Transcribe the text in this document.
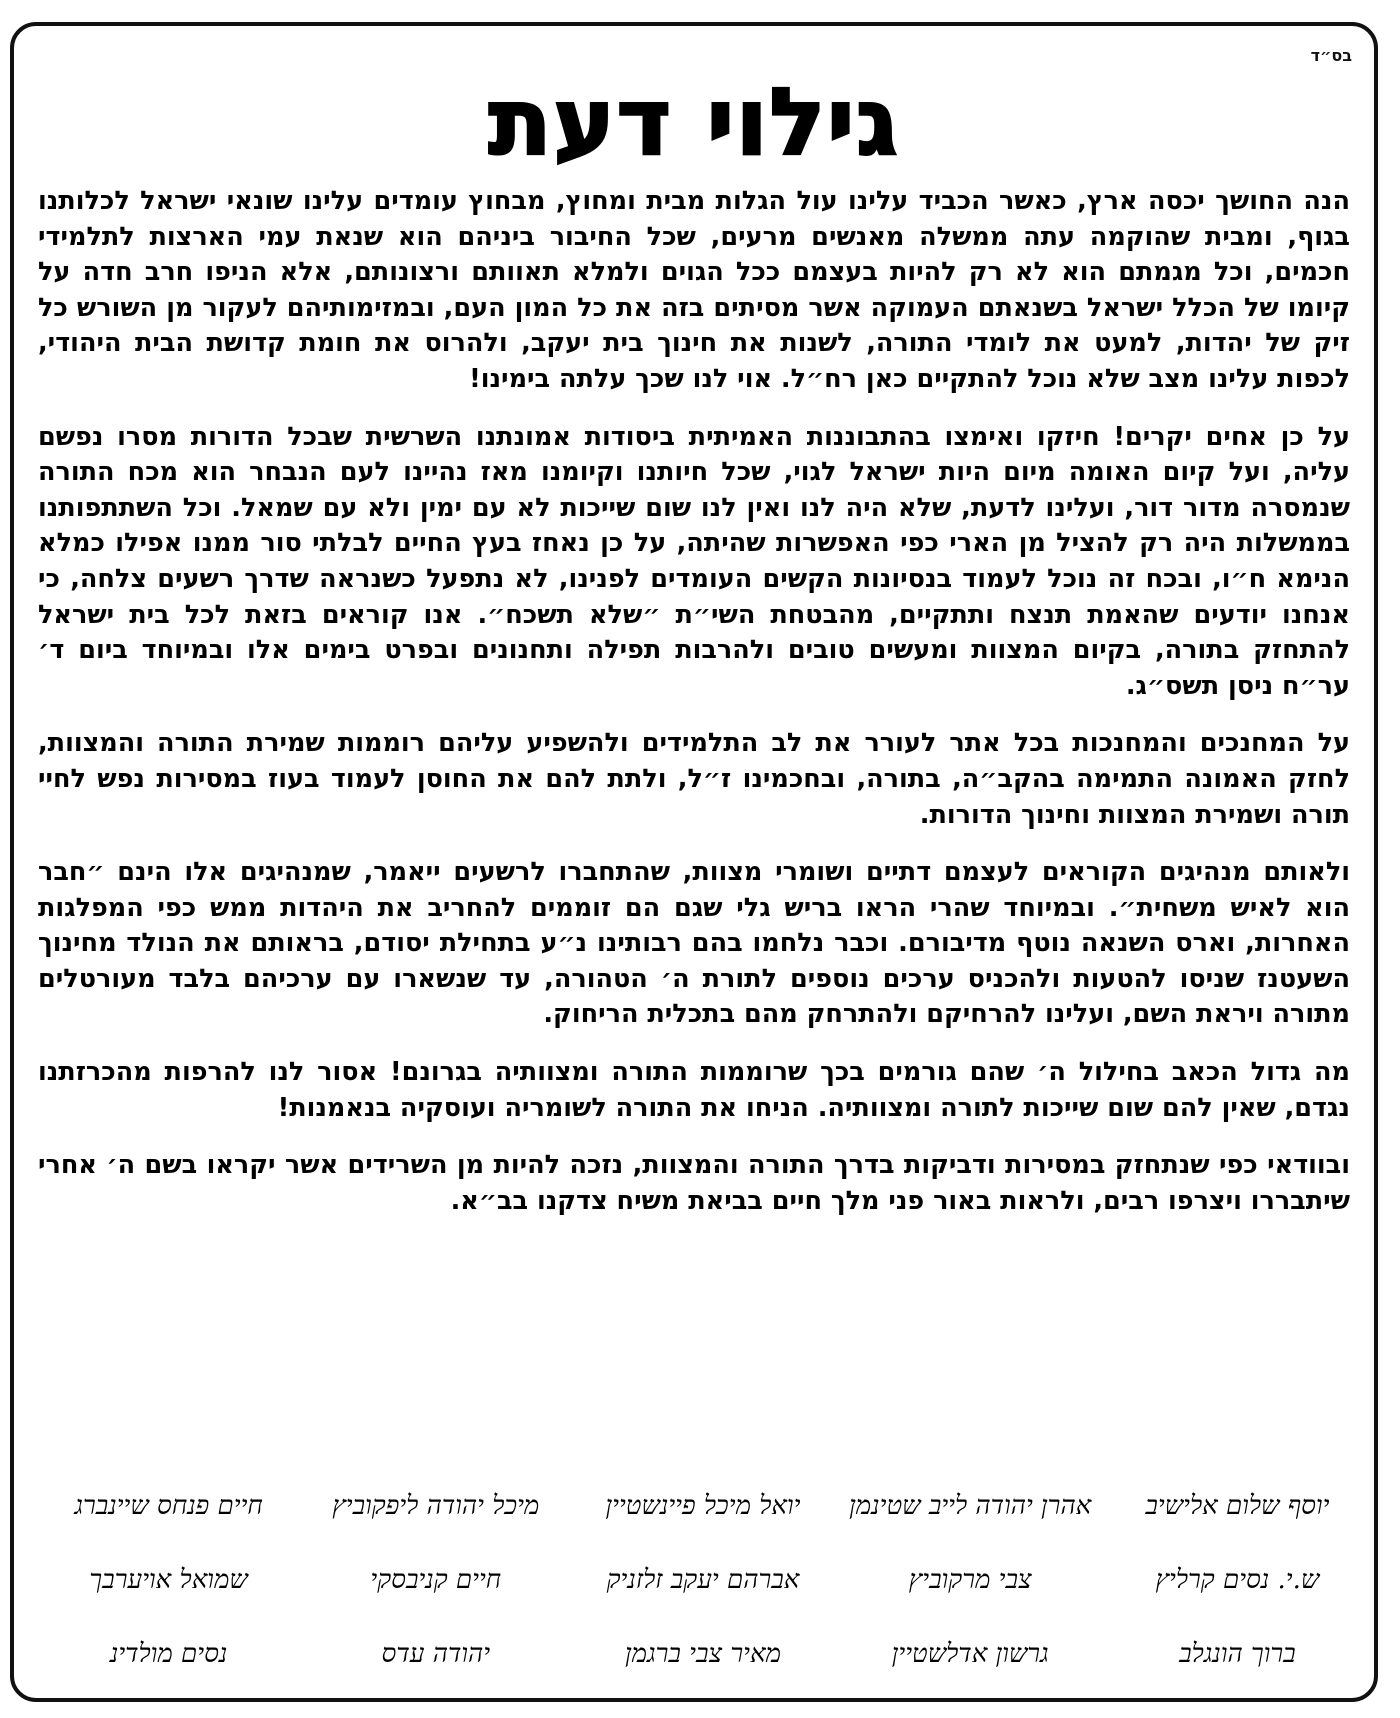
בס״ד
גילוי דעת

הנה החושך יכסה ארץ, כאשר הכביד עלינו עול הגלות מבית ומחוץ, מבחוץ עומדים עלינו שונאי ישראל לכלותנו בגוף, ומבית שהוקמה עתה ממשלה מאנשים מרעים, שכל החיבור ביניהם הוא שנאת עמי הארצות לתלמידי חכמים, וכל מגמתם הוא לא רק להיות בעצמם ככל הגוים ולמלא תאוותם ורצונותם, אלא הניפו חרב חדה על קיומו של הכלל ישראל בשנאתם העמוקה אשר מסיתים בזה את כל המון העם, ובמזימותיהם לעקור מן השורש כל זיק של יהדות, למעט את לומדי התורה, לשנות את חינוך בית יעקב, ולהרוס את חומת קדושת הבית היהודי, לכפות עלינו מצב שלא נוכל להתקיים כאן רח״ל. אוי לנו שכך עלתה בימינו!

על כן אחים יקרים! חיזקו ואימצו בהתבוננות האמיתית ביסודות אמונתנו השרשית שבכל הדורות מסרו נפשם עליה, ועל קיום האומה מיום היות ישראל לגוי, שכל חיותנו וקיומנו מאז נהיינו לעם הנבחר הוא מכח התורה שנמסרה מדור דור, ועלינו לדעת, שלא היה לנו ואין לנו שום שייכות לא עם ימין ולא עם שמאל. וכל השתתפותנו בממשלות היה רק להציל מן הארי כפי האפשרות שהיתה, על כן נאחז בעץ החיים לבלתי סור ממנו אפילו כמלא הנימא ח״ו, ובכח זה נוכל לעמוד בנסיונות הקשים העומדים לפנינו, לא נתפעל כשנראה שדרך רשעים צלחה, כי אנחנו יודעים שהאמת תנצח ותתקיים, מהבטחת השי״ת ״שלא תשכח״. אנו קוראים בזאת לכל בית ישראל להתחזק בתורה, בקיום המצוות ומעשים טובים ולהרבות תפילה ותחנונים ובפרט בימים אלו ובמיוחד ביום ד׳ ער״ח ניסן תשס״ג.

על המחנכים והמחנכות בכל אתר לעורר את לב התלמידים ולהשפיע עליהם רוממות שמירת התורה והמצוות, לחזק האמונה התמימה בהקב״ה, בתורה, ובחכמינו ז״ל, ולתת להם את החוסן לעמוד בעוז במסירות נפש לחיי תורה ושמירת המצוות וחינוך הדורות.

ולאותם מנהיגים הקוראים לעצמם דתיים ושומרי מצוות, שהתחברו לרשעים ייאמר, שמנהיגים אלו הינם ״חבר הוא לאיש משחית״. ובמיוחד שהרי הראו בריש גלי שגם הם זוממים להחריב את היהדות ממש כפי המפלגות האחרות, וארס השנאה נוטף מדיבורם. וכבר נלחמו בהם רבותינו נ״ע בתחילת יסודם, בראותם את הנולד מחינוך השעטנז שניסו להטעות ולהכניס ערכים נוספים לתורת ה׳ הטהורה, עד שנשארו עם ערכיהם בלבד מעורטלים מתורה ויראת השם, ועלינו להרחיקם ולהתרחק מהם בתכלית הריחוק.

מה גדול הכאב בחילול ה׳ שהם גורמים בכך שרוממות התורה ומצוותיה בגרונם! אסור לנו להרפות מהכרזתנו נגדם, שאין להם שום שייכות לתורה ומצוותיה. הניחו את התורה לשומריה ועוסקיה בנאמנות!

ובוודאי כפי שנתחזק במסירות ודביקות בדרך התורה והמצוות, נזכה להיות מן השרידים אשר יקראו בשם ה׳ אחרי שיתבררו ויצרפו רבים, ולראות באור פני מלך חיים בביאת משיח צדקנו בב״א.

יוסף שלום אלישיב
אהרן יהודה לייב שטינמן
יואל מיכל פיינשטיין
מיכל יהודה ליפקוביץ
חיים פנחס שיינברג
ש.י. נסים קרליץ
צבי מרקוביץ
אברהם יעקב זלזניק
חיים קניבסקי
שמואל אויערבך
ברוך הונגלב
גרשון אדלשטיין
מאיר צבי ברגמן
יהודה עדס
נסים מולדינ
